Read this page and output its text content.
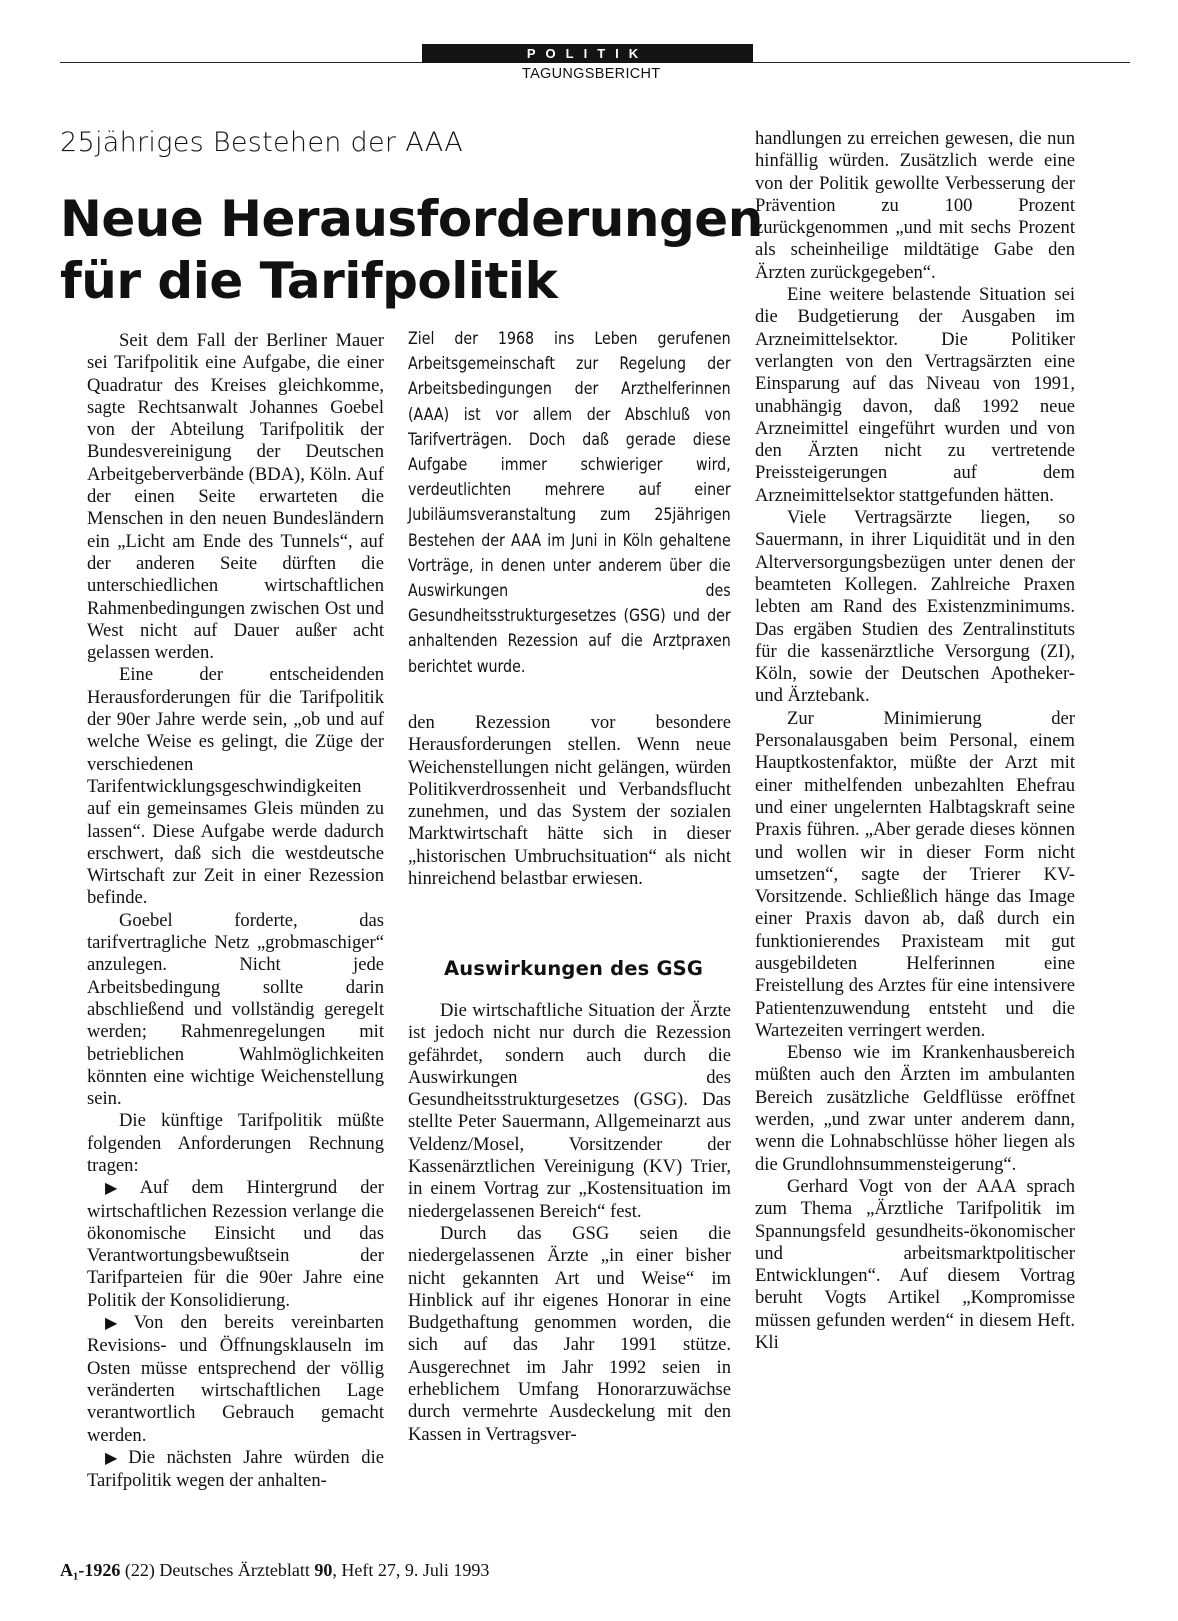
POLITIK
TAGUNGSBERICHT
25jähriges Bestehen der AAA
Neue Herausforderungen
für die Tarifpolitik

Seit dem Fall der Berliner Mauer sei Tarifpolitik eine Aufgabe, die einer Quadratur des Kreises gleichkomme, sagte Rechtsanwalt Johannes Goebel von der Abteilung Tarifpolitik der Bundesvereinigung der Deutschen Arbeitgeberverbände (BDA), Köln. Auf der einen Seite erwarteten die Menschen in den neuen Bundesländern ein „Licht am Ende des Tunnels“, auf der anderen Seite dürften die unterschiedlichen wirtschaftlichen Rahmenbedingungen zwischen Ost und West nicht auf Dauer außer acht gelassen werden.

Eine der entscheidenden Herausforderungen für die Tarifpolitik der 90er Jahre werde sein, „ob und auf welche Weise es gelingt, die Züge der verschiedenen Tarifentwicklungsgeschwindigkeiten auf ein gemeinsames Gleis münden zu lassen“. Diese Aufgabe werde dadurch erschwert, daß sich die westdeutsche Wirtschaft zur Zeit in einer Rezession befinde.

Goebel forderte, das tarifvertragliche Netz „grobmaschiger“ anzulegen. Nicht jede Arbeitsbedingung sollte darin abschließend und vollständig geregelt werden; Rahmenregelungen mit betrieblichen Wahlmöglichkeiten könnten eine wichtige Weichenstellung sein.

Die künftige Tarifpolitik müßte folgenden Anforderungen Rechnung tragen:

▶ Auf dem Hintergrund der wirtschaftlichen Rezession verlange die ökonomische Einsicht und das Verantwortungsbewußtsein der Tarifparteien für die 90er Jahre eine Politik der Konsolidierung.

▶ Von den bereits vereinbarten Revisions- und Öffnungsklauseln im Osten müsse entsprechend der völlig veränderten wirtschaftlichen Lage verantwortlich Gebrauch gemacht werden.

▶ Die nächsten Jahre würden die Tarifpolitik wegen der anhalten-

Ziel der 1968 ins Leben gerufenen Arbeitsgemeinschaft zur Regelung der Arbeitsbedingungen der Arzthelferinnen (AAA) ist vor allem der Abschluß von Tarifverträgen. Doch daß gerade diese Aufgabe immer schwieriger wird, verdeutlichten mehrere auf einer Jubiläumsveranstaltung zum 25jährigen Bestehen der AAA im Juni in Köln gehaltene Vorträge, in denen unter anderem über die Auswirkungen des Gesundheitsstrukturgesetzes (GSG) und der anhaltenden Rezession auf die Arztpraxen berichtet wurde.

den Rezession vor besondere Herausforderungen stellen. Wenn neue Weichenstellungen nicht gelängen, würden Politikverdrossenheit und Verbandsflucht zunehmen, und das System der sozialen Marktwirtschaft hätte sich in dieser „historischen Umbruchsituation“ als nicht hinreichend belastbar erwiesen.

Auswirkungen des GSG

Die wirtschaftliche Situation der Ärzte ist jedoch nicht nur durch die Rezession gefährdet, sondern auch durch die Auswirkungen des Gesundheitsstrukturgesetzes (GSG). Das stellte Peter Sauermann, Allgemeinarzt aus Veldenz/Mosel, Vorsitzender der Kassenärztlichen Vereinigung (KV) Trier, in einem Vortrag zur „Kostensituation im niedergelassenen Bereich“ fest.

Durch das GSG seien die niedergelassenen Ärzte „in einer bisher nicht gekannten Art und Weise“ im Hinblick auf ihr eigenes Honorar in eine Budgethaftung genommen worden, die sich auf das Jahr 1991 stütze. Ausgerechnet im Jahr 1992 seien in erheblichem Umfang Honorarzuwächse durch vermehrte Ausdeckelung mit den Kassen in Vertragsver-

handlungen zu erreichen gewesen, die nun hinfällig würden. Zusätzlich werde eine von der Politik gewollte Verbesserung der Prävention zu 100 Prozent zurückgenommen „und mit sechs Prozent als scheinheilige mildtätige Gabe den Ärzten zurückgegeben“.

Eine weitere belastende Situation sei die Budgetierung der Ausgaben im Arzneimittelsektor. Die Politiker verlangten von den Vertragsärzten eine Einsparung auf das Niveau von 1991, unabhängig davon, daß 1992 neue Arzneimittel eingeführt wurden und von den Ärzten nicht zu vertretende Preissteigerungen auf dem Arzneimittelsektor stattgefunden hätten.

Viele Vertragsärzte liegen, so Sauermann, in ihrer Liquidität und in den Alterversorgungsbezügen unter denen der beamteten Kollegen. Zahlreiche Praxen lebten am Rand des Existenzminimums. Das ergäben Studien des Zentralinstituts für die kassenärztliche Versorgung (ZI), Köln, sowie der Deutschen Apotheker- und Ärztebank.

Zur Minimierung der Personalausgaben beim Personal, einem Hauptkostenfaktor, müßte der Arzt mit einer mithelfenden unbezahlten Ehefrau und einer ungelernten Halbtagskraft seine Praxis führen. „Aber gerade dieses können und wollen wir in dieser Form nicht umsetzen“, sagte der Trierer KV-Vorsitzende. Schließlich hänge das Image einer Praxis davon ab, daß durch ein funktionierendes Praxisteam mit gut ausgebildeten Helferinnen eine Freistellung des Arztes für eine intensivere Patientenzuwendung entsteht und die Wartezeiten verringert werden.

Ebenso wie im Krankenhausbereich müßten auch den Ärzten im ambulanten Bereich zusätzliche Geldflüsse eröffnet werden, „und zwar unter anderem dann, wenn die Lohnabschlüsse höher liegen als die Grundlohnsummensteigerung“.

Gerhard Vogt von der AAA sprach zum Thema „Ärztliche Tarifpolitik im Spannungsfeld gesundheits-ökonomischer und arbeitsmarktpolitischer Entwicklungen“. Auf diesem Vortrag beruht Vogts Artikel „Kompromisse müssen gefunden werden“ in diesem Heft. Kli

A₁-1926 (22) Deutsches Ärzteblatt 90, Heft 27, 9. Juli 1993
